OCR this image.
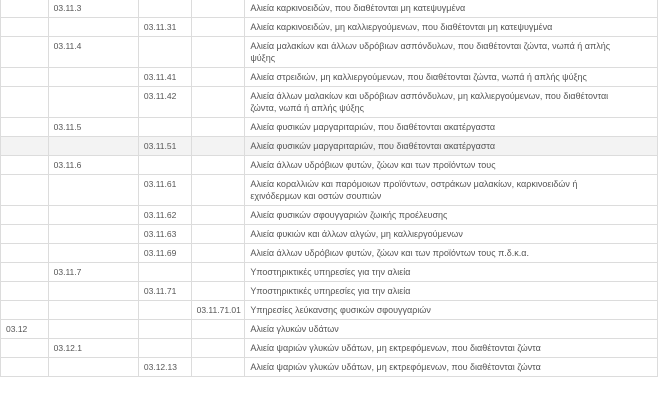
	03.11.3			Αλιεία καρκινοειδών, που διαθέτονται μη κατεψυγμένα
		03.11.31		Αλιεία καρκινοειδών, μη καλλιεργούμενων, που διαθέτονται μη κατεψυγμένα
	03.11.4			Αλιεία μαλακίων και άλλων υδρόβιων ασπόνδυλων, που διαθέτονται ζώντα, νωπά ή απλής ψύξης
		03.11.41		Αλιεία στρειδιών, μη καλλιεργούμενων, που διαθέτονται ζώντα, νωπά ή απλής ψύξης
		03.11.42		Αλιεία άλλων μαλακίων και υδρόβιων ασπόνδυλων, μη καλλιεργούμενων, που διαθέτονται ζώντα, νωπά ή απλής ψύξης
	03.11.5			Αλιεία φυσικών μαργαριταριών, που διαθέτονται ακατέργαστα
		03.11.51		Αλιεία φυσικών μαργαριταριών, που διαθέτονται ακατέργαστα
	03.11.6			Αλιεία άλλων υδρόβιων φυτών, ζώων και των προϊόντων τους
		03.11.61		Αλιεία κοραλλιών και παρόμοιων προϊόντων, οστράκων μαλακίων, καρκινοειδών ή εχινόδερμων και οστών σουπιών
		03.11.62		Αλιεία φυσικών σφουγγαριών ζωικής προέλευσης
		03.11.63		Αλιεία φυκιών και άλλων αλγών, μη καλλιεργούμενων
		03.11.69		Αλιεία άλλων υδρόβιων φυτών, ζώων και των προϊόντων τους π.δ.κ.α.
	03.11.7			Υποστηρικτικές υπηρεσίες για την αλιεία
		03.11.71		Υποστηρικτικές υπηρεσίες για την αλιεία
			03.11.71.01	Υπηρεσίες λεύκανσης φυσικών σφουγγαριών
03.12				Αλιεία γλυκών υδάτων
	03.12.1			Αλιεία ψαριών γλυκών υδάτων, μη εκτρεφόμενων, που διαθέτονται ζώντα
		03.12.13		Αλιεία ψαριών γλυκών υδάτων, μη εκτρεφόμενων, που διαθέτονται ζώντα
